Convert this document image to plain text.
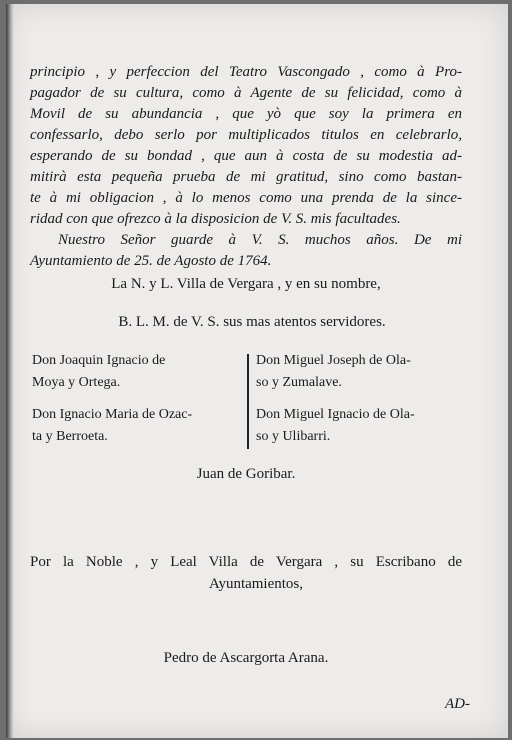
principio , y perfeccion del Teatro Vascongado , como à Pro-
pagador de su cultura, como à Agente de su felicidad, como à
Movil de su abundancia , que yò que soy la primera en
confessarlo, debo serlo por multiplicados titulos en celebrarlo,
esperando de su bondad , que aun à costa de su modestia ad-
mitirà esta pequeña prueba de mi gratitud, sino como bastan-
te à mi obligacion , à lo menos como una prenda de la since-
ridad con que ofrezco à la disposicion de V. S. mis facultades.
Nuestro Señor guarde à V. S. muchos años. De mi
Ayuntamiento de 25. de Agosto de 1764.
La N. y L. Villa de Vergara , y en su nombre,
B. L. M. de V. S. sus mas atentos servidores.
Don Joaquin Ignacio de
Moya y Ortega.
Don Miguel Joseph de Ola-
so y Zumalave.
Don Ignacio Maria de Ozac-
ta y Berroeta.
Don Miguel Ignacio de Ola-
so y Ulibarri.
Juan de Goribar.
Por la Noble , y Leal Villa de Vergara , su Escribano de
Ayuntamientos,
Pedro de Ascargorta Arana.
AD-
